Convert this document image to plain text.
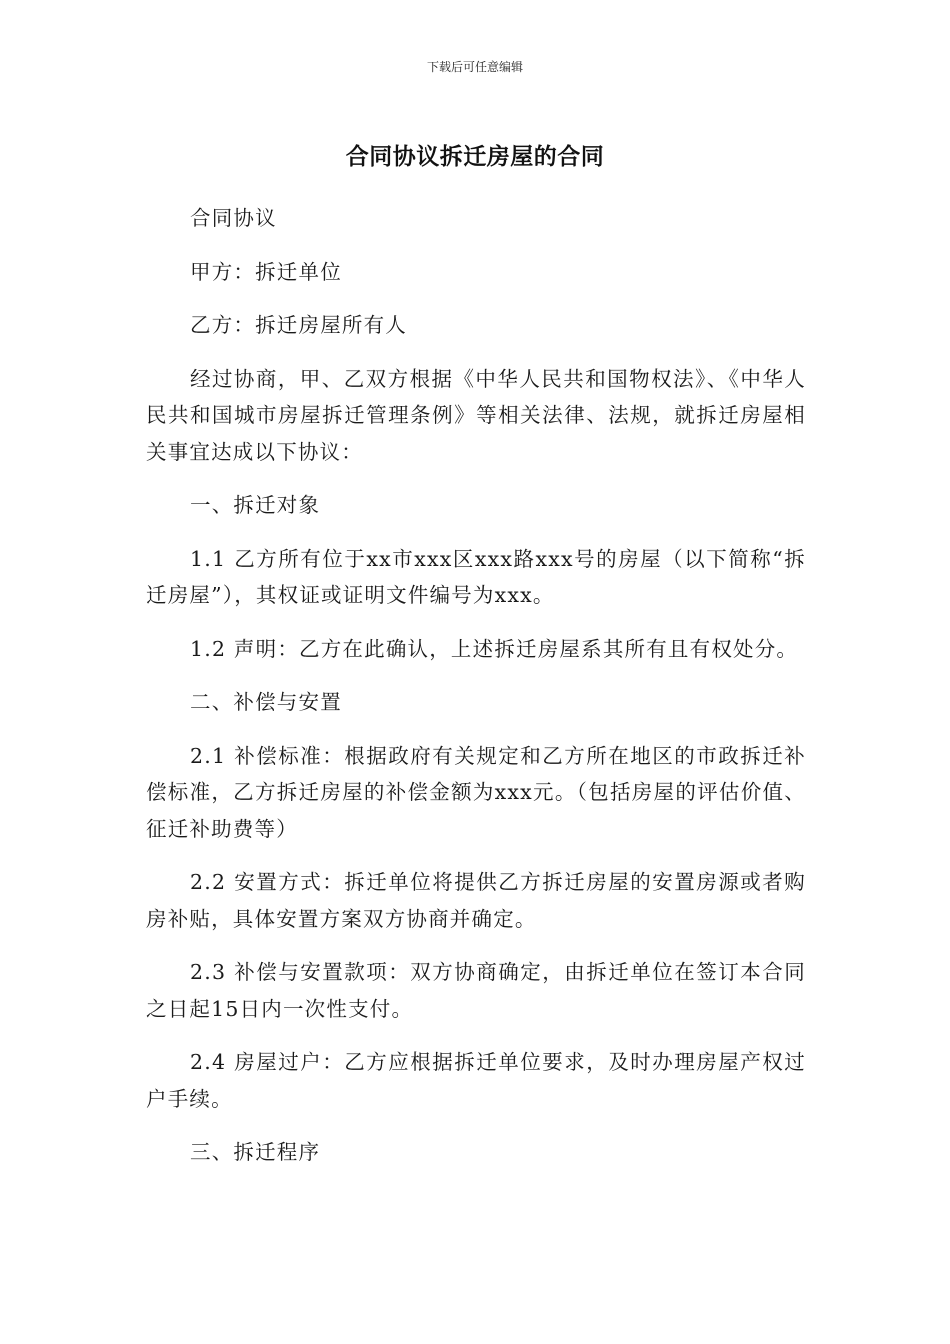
下载后可任意编辑
合同协议拆迁房屋的合同

合同协议

甲方：拆迁单位

乙方：拆迁房屋所有人

经过协商，甲、乙双方根据《中华人民共和国物权法》、《中华人民共和国城市房屋拆迁管理条例》等相关法律、法规，就拆迁房屋相关事宜达成以下协议：

一、拆迁对象

1.1 乙方所有位于xx市xxx区xxx路xxx号的房屋（以下简称“拆迁房屋”），其权证或证明文件编号为xxx。

1.2 声明：乙方在此确认，上述拆迁房屋系其所有且有权处分。

二、补偿与安置

2.1 补偿标准：根据政府有关规定和乙方所在地区的市政拆迁补偿标准，乙方拆迁房屋的补偿金额为xxx元。（包括房屋的评估价值、征迁补助费等）

2.2 安置方式：拆迁单位将提供乙方拆迁房屋的安置房源或者购房补贴，具体安置方案双方协商并确定。

2.3 补偿与安置款项：双方协商确定，由拆迁单位在签订本合同之日起15日内一次性支付。

2.4 房屋过户：乙方应根据拆迁单位要求，及时办理房屋产权过户手续。

三、拆迁程序
